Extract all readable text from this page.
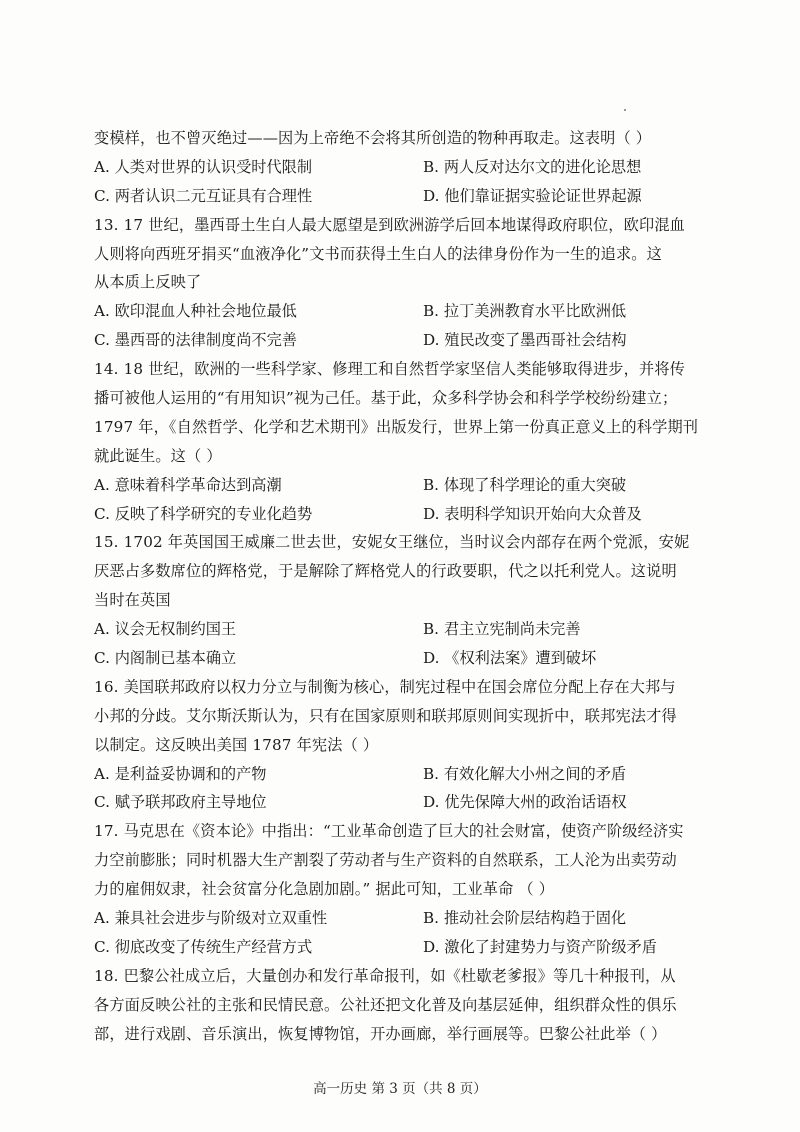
变模样，也不曾灭绝过——因为上帝绝不会将其所创造的物种再取走。这表明（ ）
A. 人类对世界的认识受时代限制	B. 两人反对达尔文的进化论思想
C. 两者认识二元互证具有合理性	D. 他们靠证据实验论证世界起源
13. 17 世纪，墨西哥土生白人最大愿望是到欧洲游学后回本地谋得政府职位，欧印混血
人则将向西班牙捐买“血液净化”文书而获得土生白人的法律身份作为一生的追求。这
从本质上反映了
A. 欧印混血人种社会地位最低	B. 拉丁美洲教育水平比欧洲低
C. 墨西哥的法律制度尚不完善	D. 殖民改变了墨西哥社会结构
14. 18 世纪，欧洲的一些科学家、修理工和自然哲学家坚信人类能够取得进步，并将传
播可被他人运用的“有用知识”视为己任。基于此，众多科学协会和科学学校纷纷建立；
1797 年，《自然哲学、化学和艺术期刊》出版发行，世界上第一份真正意义上的科学期刊
就此诞生。这（ ）
A. 意味着科学革命达到高潮	B. 体现了科学理论的重大突破
C. 反映了科学研究的专业化趋势	D. 表明科学知识开始向大众普及
15. 1702 年英国国王威廉二世去世，安妮女王继位，当时议会内部存在两个党派，安妮
厌恶占多数席位的辉格党，于是解除了辉格党人的行政要职，代之以托利党人。这说明
当时在英国
A. 议会无权制约国王	B. 君主立宪制尚未完善
C. 内阁制已基本确立	D. 《权利法案》遭到破坏
16. 美国联邦政府以权力分立与制衡为核心，制宪过程中在国会席位分配上存在大邦与
小邦的分歧。艾尔斯沃斯认为，只有在国家原则和联邦原则间实现折中，联邦宪法才得
以制定。这反映出美国 1787 年宪法（ ）
A. 是利益妥协调和的产物	B. 有效化解大小州之间的矛盾
C. 赋予联邦政府主导地位	D. 优先保障大州的政治话语权
17. 马克思在《资本论》中指出：“工业革命创造了巨大的社会财富，使资产阶级经济实
力空前膨胀；同时机器大生产割裂了劳动者与生产资料的自然联系，工人沦为出卖劳动
力的雇佣奴隶，社会贫富分化急剧加剧。” 据此可知，工业革命 （ ）
A. 兼具社会进步与阶级对立双重性	B. 推动社会阶层结构趋于固化
C. 彻底改变了传统生产经营方式	D. 激化了封建势力与资产阶级矛盾
18. 巴黎公社成立后，大量创办和发行革命报刊，如《杜歇老爹报》等几十种报刊，从
各方面反映公社的主张和民情民意。公社还把文化普及向基层延伸，组织群众性的俱乐
部，进行戏剧、音乐演出，恢复博物馆，开办画廊，举行画展等。巴黎公社此举（ ）
高一历史 第 3 页（共 8 页）
